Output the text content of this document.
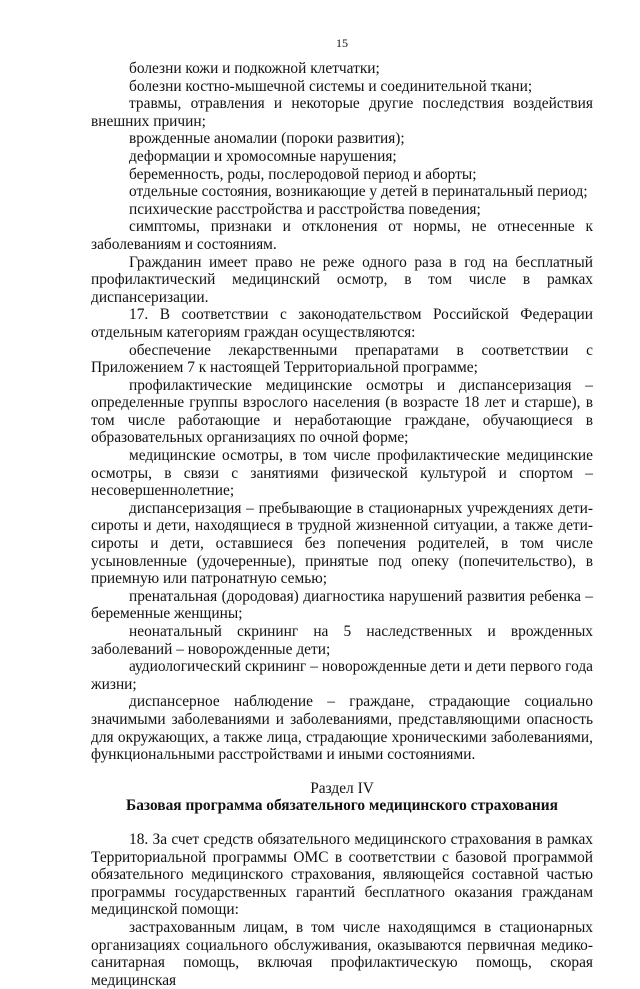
15

болезни кожи и подкожной клетчатки;

болезни костно-мышечной системы и соединительной ткани;

травмы, отравления и некоторые другие последствия воздействия внешних причин;

врожденные аномалии (пороки развития);

деформации и хромосомные нарушения;

беременность, роды, послеродовой период и аборты;

отдельные состояния, возникающие у детей в перинатальный период;

психические расстройства и расстройства поведения;

симптомы, признаки и отклонения от нормы, не отнесенные к заболеваниям и состояниям.

Гражданин имеет право не реже одного раза в год на бесплатный профилактический медицинский осмотр, в том числе в рамках диспансеризации.

17. В соответствии с законодательством Российской Федерации отдельным категориям граждан осуществляются:

обеспечение лекарственными препаратами в соответствии с Приложением 7 к настоящей Территориальной программе;

профилактические медицинские осмотры и диспансеризация – определенные группы взрослого населения (в возрасте 18 лет и старше), в том числе работающие и неработающие граждане, обучающиеся в образовательных организациях по очной форме;

медицинские осмотры, в том числе профилактические медицинские осмотры, в связи с занятиями физической культурой и спортом –несовершеннолетние;

диспансеризация – пребывающие в стационарных учреждениях дети-сироты и дети, находящиеся в трудной жизненной ситуации, а также дети-сироты и дети, оставшиеся без попечения родителей, в том числе усыновленные (удочеренные), принятые под опеку (попечительство), в приемную или патронатную семью;

пренатальная (дородовая) диагностика нарушений развития ребенка – беременные женщины;

неонатальный скрининг на 5 наследственных и врожденных заболеваний – новорожденные дети;

аудиологический скрининг – новорожденные дети и дети первого года жизни;

диспансерное наблюдение – граждане, страдающие социально значимыми заболеваниями и заболеваниями, представляющими опасность для окружающих, а также лица, страдающие хроническими заболеваниями, функциональными расстройствами и иными состояниями.

Раздел IV

Базовая программа обязательного медицинского страхования

18. За счет средств обязательного медицинского страхования в рамках Территориальной программы ОМС в соответствии с базовой программой обязательного медицинского страхования, являющейся составной частью программы государственных гарантий бесплатного оказания гражданам медицинской помощи:

застрахованным лицам, в том числе находящимся в стационарных организациях социального обслуживания, оказываются первичная медико-санитарная помощь, включая профилактическую помощь, скорая медицинская
